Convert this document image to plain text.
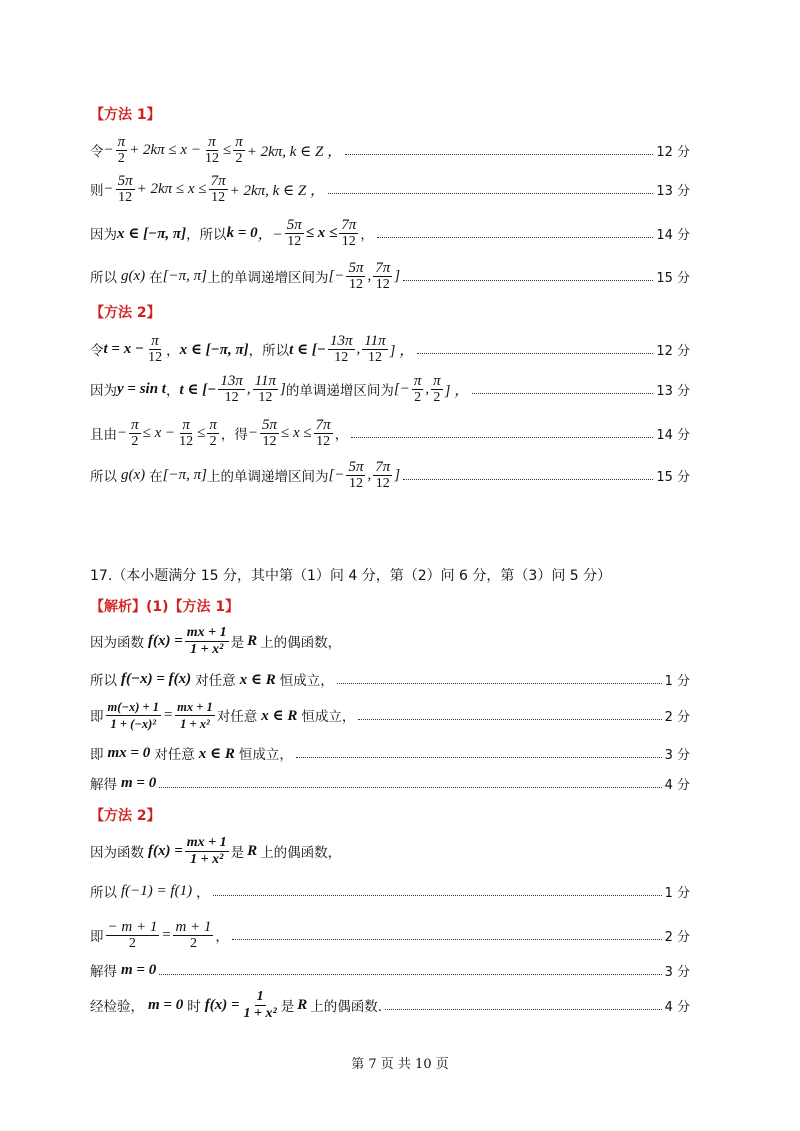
【方法 1】
令 − $\frac{\pi}{2} + 2k\pi \le x - \frac{\pi}{12} \le \frac{\pi}{2} + 2k\pi$, k ∈ Z ，	12 分
则 − $\frac{5\pi}{12} + 2k\pi \le x \le \frac{7\pi}{12} + 2k\pi$, k ∈ Z ，	13 分
因为 x ∈ [−π, π] ，所以 k = 0 ，− $\frac{5\pi}{12} \le x \le \frac{7\pi}{12}$ ，	14 分
所以 g(x) 在 [−π, π] 上的单调递增区间为 [− $\frac{5\pi}{12}$ , $\frac{7\pi}{12}$ ]	15 分
【方法 2】
令 $t = x - \frac{\pi}{12}$ ， x ∈ [−π, π] ，所以 t ∈ [− $\frac{13\pi}{12}$ , $\frac{11\pi}{12}$ ] ，	12 分
因为 y = sin t ， t ∈ [− $\frac{13\pi}{12}$ , $\frac{11\pi}{12}$ ] 的单调递增区间为 [− $\frac{\pi}{2}$ , $\frac{\pi}{2}$ ] ，	13 分
且由 − $\frac{\pi}{2} \le x - \frac{\pi}{12} \le \frac{\pi}{2}$ ，得 − $\frac{5\pi}{12} \le x \le \frac{7\pi}{12}$ ，	14 分
所以 g(x) 在 [−π, π] 上的单调递增区间为 [− $\frac{5\pi}{12}$ , $\frac{7\pi}{12}$ ]	15 分
17.（本小题满分 15 分，其中第（1）问 4 分，第（2）问 6 分，第（3）问 5 分）
【解析】(1)【方法 1】
因为函数 $f(x) = \frac{mx + 1}{\text{1 + x²}}$ 是 R 上的偶函数，
所以 f(−x) = f(x) 对任意 x ∈ R 恒成立，	1 分
即 $\frac{m(-x) + 1}{\text{1 + (−x)²}} = \frac{mx + 1}{\text{1 + x²}}$ 对任意 x ∈ R 恒成立，	2 分
即 mx = 0 对任意 x ∈ R 恒成立，	3 分
解得 m = 0	4 分
【方法 2】
因为函数 $f(x) = \frac{mx + 1}{\text{1 + x²}}$ 是 R 上的偶函数，
所以 f(−1) = f(1) ，	1 分
即 $\frac{- m + 1}{2} = \frac{m + 1}{2}$ ，	2 分
解得 m = 0	3 分
经检验， m = 0 时 $f(x) = \frac{1}{\text{1 + x²}}$ 是 R 上的偶函数.	4 分
第 7 页 共 10 页
